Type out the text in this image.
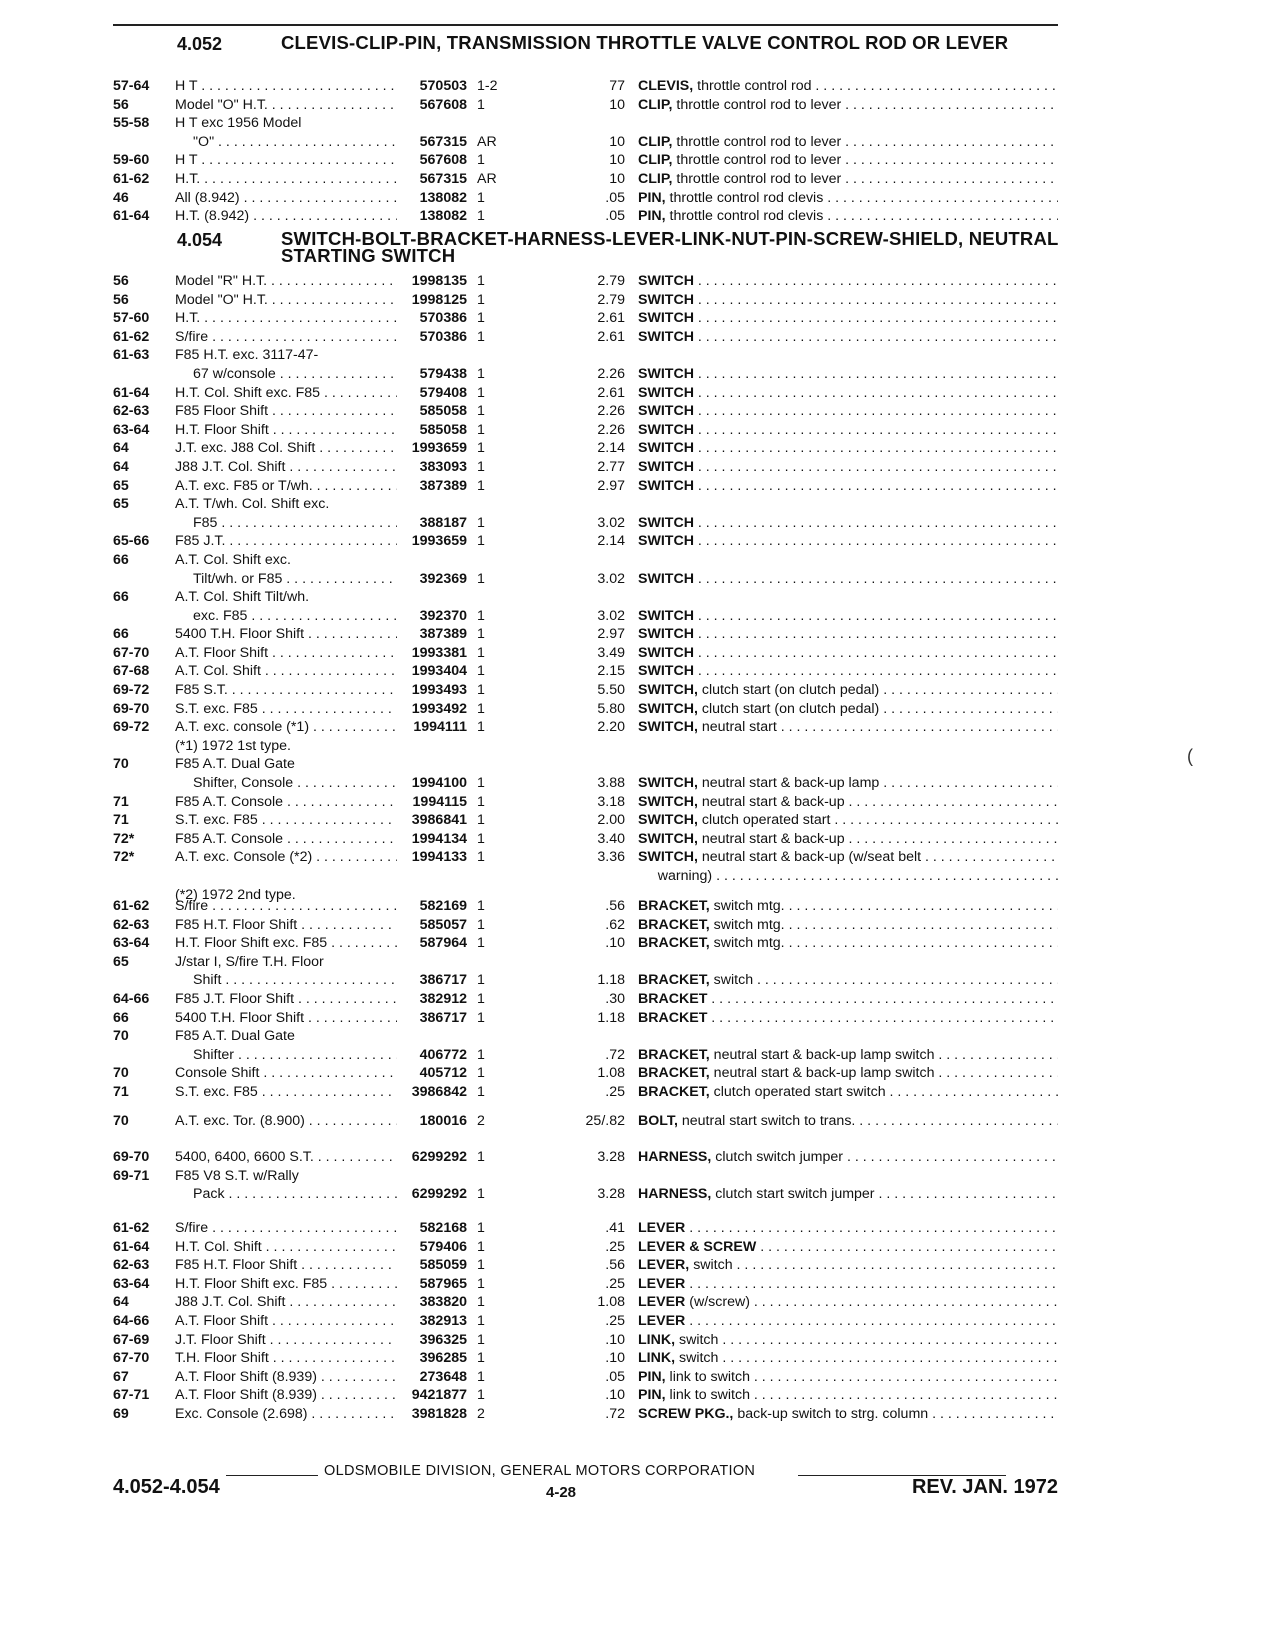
4.052	CLEVIS-CLIP-PIN, TRANSMISSION THROTTLE VALVE CONTROL ROD OR LEVER
57-64	H T . . .	570503 1-2	77 CLEVIS, throttle control rod . . .
56	Model "O" H.T. . . .	567608 1	10 CLIP, throttle control rod to lever . . .
55-58	H T exc 1956 Model
"O" . . .	567315 AR	10 CLIP, throttle control rod to lever . . .
59-60	H T . . .	567608 1	10 CLIP, throttle control rod to lever . . .
61-62	H.T. . . .	567315 AR	10 CLIP, throttle control rod to lever . . .
46	All (8.942) . . .	138082 1	.05 PIN, throttle control rod clevis . . .
61-64	H.T. (8.942) . . .	138082 1	.05 PIN, throttle control rod clevis . . .
4.054	SWITCH-BOLT-BRACKET-HARNESS-LEVER-LINK-NUT-PIN-SCREW-SHIELD, NEUTRAL STARTING SWITCH
56	Model "R" H.T. . . .	1998135 1	2.79 SWITCH . . .
56	Model "O" H.T. . . .	1998125 1	2.79 SWITCH . . .
57-60	H.T. . . .	570386 1	2.61 SWITCH . . .
61-62	S/fire . . .	570386 1	2.61 SWITCH . . .
61-63	F85 H.T. exc. 3117-47-
67 w/console . . .	579438 1	2.26 SWITCH . . .
61-64	H.T. Col. Shift exc. F85 . . .	579408 1	2.61 SWITCH . . .
62-63	F85 Floor Shift . . .	585058 1	2.26 SWITCH . . .
63-64	H.T. Floor Shift . . .	585058 1	2.26 SWITCH . . .
64	J.T. exc. J88 Col. Shift . . .	1993659 1	2.14 SWITCH . . .
64	J88 J.T. Col. Shift . . .	383093 1	2.77 SWITCH . . .
65	A.T. exc. F85 or T/wh. . . .	387389 1	2.97 SWITCH . . .
65	A.T. T/wh. Col. Shift exc.
F85 . . .	388187 1	3.02 SWITCH . . .
65-66	F85 J.T. . . .	1993659 1	2.14 SWITCH . . .
66	A.T. Col. Shift exc.
Tilt/wh. or F85 . . .	392369 1	3.02 SWITCH . . .
66	A.T. Col. Shift Tilt/wh.
exc. F85 . . .	392370 1	3.02 SWITCH . . .
66	5400 T.H. Floor Shift . . .	387389 1	2.97 SWITCH . . .
67-70	A.T. Floor Shift . . .	1993381 1	3.49 SWITCH . . .
67-68	A.T. Col. Shift . . .	1993404 1	2.15 SWITCH . . .
69-72	F85 S.T. . . .	1993493 1	5.50 SWITCH, clutch start (on clutch pedal) . . .
69-70	S.T. exc. F85 . . .	1993492 1	5.80 SWITCH, clutch start (on clutch pedal) . . .
69-72	A.T. exc. console (*1) . . .	1994111 1	2.20 SWITCH, neutral start . . .
(*1) 1972 1st type.
70	F85 A.T. Dual Gate
Shifter, Console . . .	1994100 1	3.88 SWITCH, neutral start & back-up lamp . . .
71	F85 A.T. Console . . .	1994115 1	3.18 SWITCH, neutral start & back-up . . .
71	S.T. exc. F85 . . .	3986841 1	2.00 SWITCH, clutch operated start . . .
72*	F85 A.T. Console . . .	1994134 1	3.40 SWITCH, neutral start & back-up . . .
72*	A.T. exc. Console (*2) . . .	1994133 1	3.36 SWITCH, neutral start & back-up (w/seat belt . . .
warning) . . .
(*2) 1972 2nd type.
61-62	S/fire . . .	582169 1	.56 BRACKET, switch mtg. . . .
62-63	F85 H.T. Floor Shift . . .	585057 1	.62 BRACKET, switch mtg. . . .
63-64	H.T. Floor Shift exc. F85 . . .	587964 1	.10 BRACKET, switch mtg. . . .
65	J/star I, S/fire T.H. Floor
Shift . . .	386717 1	1.18 BRACKET, switch . . .
64-66	F85 J.T. Floor Shift . . .	382912 1	.30 BRACKET . . .
66	5400 T.H. Floor Shift . . .	386717 1	1.18 BRACKET . . .
70	F85 A.T. Dual Gate
Shifter . . .	406772 1	.72 BRACKET, neutral start & back-up lamp switch . . .
70	Console Shift . . .	405712 1	1.08 BRACKET, neutral start & back-up lamp switch . . .
71	S.T. exc. F85 . . .	3986842 1	.25 BRACKET, clutch operated start switch . . .
70	A.T. exc. Tor. (8.900) . . .	180016 2	25/.82 BOLT, neutral start switch to trans. . . .
69-70	5400, 6400, 6600 S.T. . . .	6299292 1	3.28 HARNESS, clutch switch jumper . . .
69-71	F85 V8 S.T. w/Rally
Pack . . .	6299292 1	3.28 HARNESS, clutch start switch jumper . . .
61-62	S/fire . . .	582168 1	.41 LEVER . . .
61-64	H.T. Col. Shift . . .	579406 1	.25 LEVER & SCREW . . .
62-63	F85 H.T. Floor Shift . . .	585059 1	.56 LEVER, switch . . .
63-64	H.T. Floor Shift exc. F85 . . .	587965 1	.25 LEVER . . .
64	J88 J.T. Col. Shift . . .	383820 1	1.08 LEVER (w/screw) . . .
64-66	A.T. Floor Shift . . .	382913 1	.25 LEVER . . .
67-69	J.T. Floor Shift . . .	396325 1	.10 LINK, switch . . .
67-70	T.H. Floor Shift . . .	396285 1	.10 LINK, switch . . .
67	A.T. Floor Shift (8.939) . . .	273648 1	.05 PIN, link to switch . . .
67-71	A.T. Floor Shift (8.939) . . .	9421877 1	.10 PIN, link to switch . . .
69	Exc. Console (2.698) . . .	3981828 2	.72 SCREW PKG., back-up switch to strg. column . . .
OLDSMOBILE DIVISION, GENERAL MOTORS CORPORATION
4.052-4.054	4-28	REV. JAN. 1972
(
